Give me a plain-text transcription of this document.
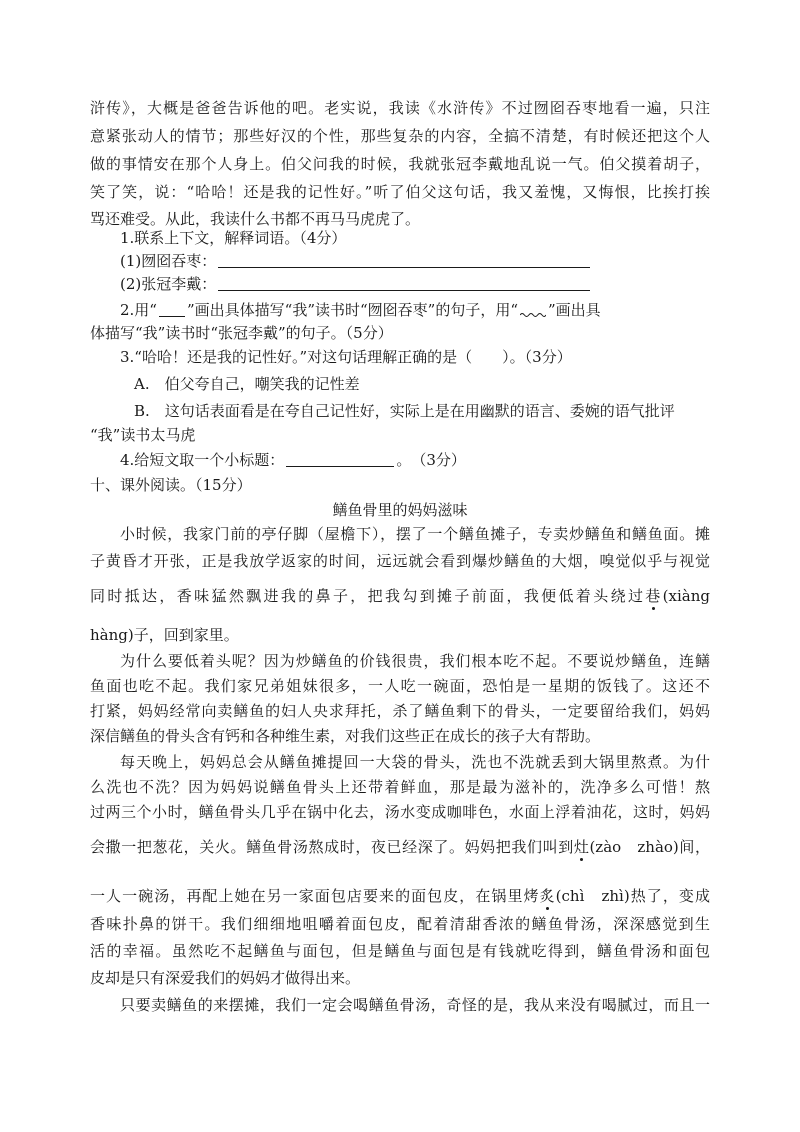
浒传》，大概是爸爸告诉他的吧。老实说，我读《水浒传》不过囫囵吞枣地看一遍，只注
意紧张动人的情节；那些好汉的个性，那些复杂的内容，全搞不清楚，有时候还把这个人
做的事情安在那个人身上。伯父问我的时候，我就张冠李戴地乱说一气。伯父摸着胡子，
笑了笑，说：“哈哈！还是我的记性好。”听了伯父这句话，我又羞愧，又悔恨，比挨打挨
骂还难受。从此，我读什么书都不再马马虎虎了。
1.联系上下文，解释词语。（4分）
(1)囫囵吞枣：
(2)张冠李戴：
2.用“ ”画出具体描写“我”读书时“囫囵吞枣”的句子，用“ ”画出具
体描写“我”读书时“张冠李戴”的句子。（5分）
3.“哈哈！还是我的记性好。”对这句话理解正确的是（　　）。（3分）
A.　伯父夸自己，嘲笑我的记性差
B.　这句话表面看是在夸自己记性好，实际上是在用幽默的语言、委婉的语气批评
“我”读书太马虎
4.给短文取一个小标题：	。　（3分）
十、课外阅读。（15分）
鳝鱼骨里的妈妈滋味
小时候，我家门前的亭仔脚（屋檐下），摆了一个鳝鱼摊子，专卖炒鳝鱼和鳝鱼面。摊
子黄昏才开张，正是我放学返家的时间，远远就会看到爆炒鳝鱼的大烟，嗅觉似乎与视觉
同时抵达，香味猛然飘进我的鼻子，把我勾到摊子前面，我便低着头绕过巷(xiàng
hàng)子，回到家里。
为什么要低着头呢？因为炒鳝鱼的价钱很贵，我们根本吃不起。不要说炒鳝鱼，连鳝
鱼面也吃不起。我们家兄弟姐妹很多，一人吃一碗面，恐怕是一星期的饭钱了。这还不
打紧，妈妈经常向卖鳝鱼的妇人央求拜托，杀了鳝鱼剩下的骨头，一定要留给我们，妈妈
深信鳝鱼的骨头含有钙和各种维生素，对我们这些正在成长的孩子大有帮助。
每天晚上，妈妈总会从鳝鱼摊提回一大袋的骨头，洗也不洗就丢到大锅里熬煮。为什
么洗也不洗？因为妈妈说鳝鱼骨头上还带着鲜血，那是最为滋补的，洗净多么可惜！熬
过两三个小时，鳝鱼骨头几乎在锅中化去，汤水变成咖啡色，水面上浮着油花，这时，妈妈
会撒一把葱花，关火。鳝鱼骨汤熬成时，夜已经深了。妈妈把我们叫到灶(zào　zhào)间，
一人一碗汤，再配上她在另一家面包店要来的面包皮，在锅里烤炙(chì　zhì)热了，变成
香味扑鼻的饼干。我们细细地咀嚼着面包皮，配着清甜香浓的鳝鱼骨汤，深深感觉到生
活的幸福。虽然吃不起鳝鱼与面包，但是鳝鱼与面包是有钱就吃得到，鳝鱼骨汤和面包
皮却是只有深爱我们的妈妈才做得出来。
只要卖鳝鱼的来摆摊，我们一定会喝鳝鱼骨汤，奇怪的是，我从来没有喝腻过，而且一
